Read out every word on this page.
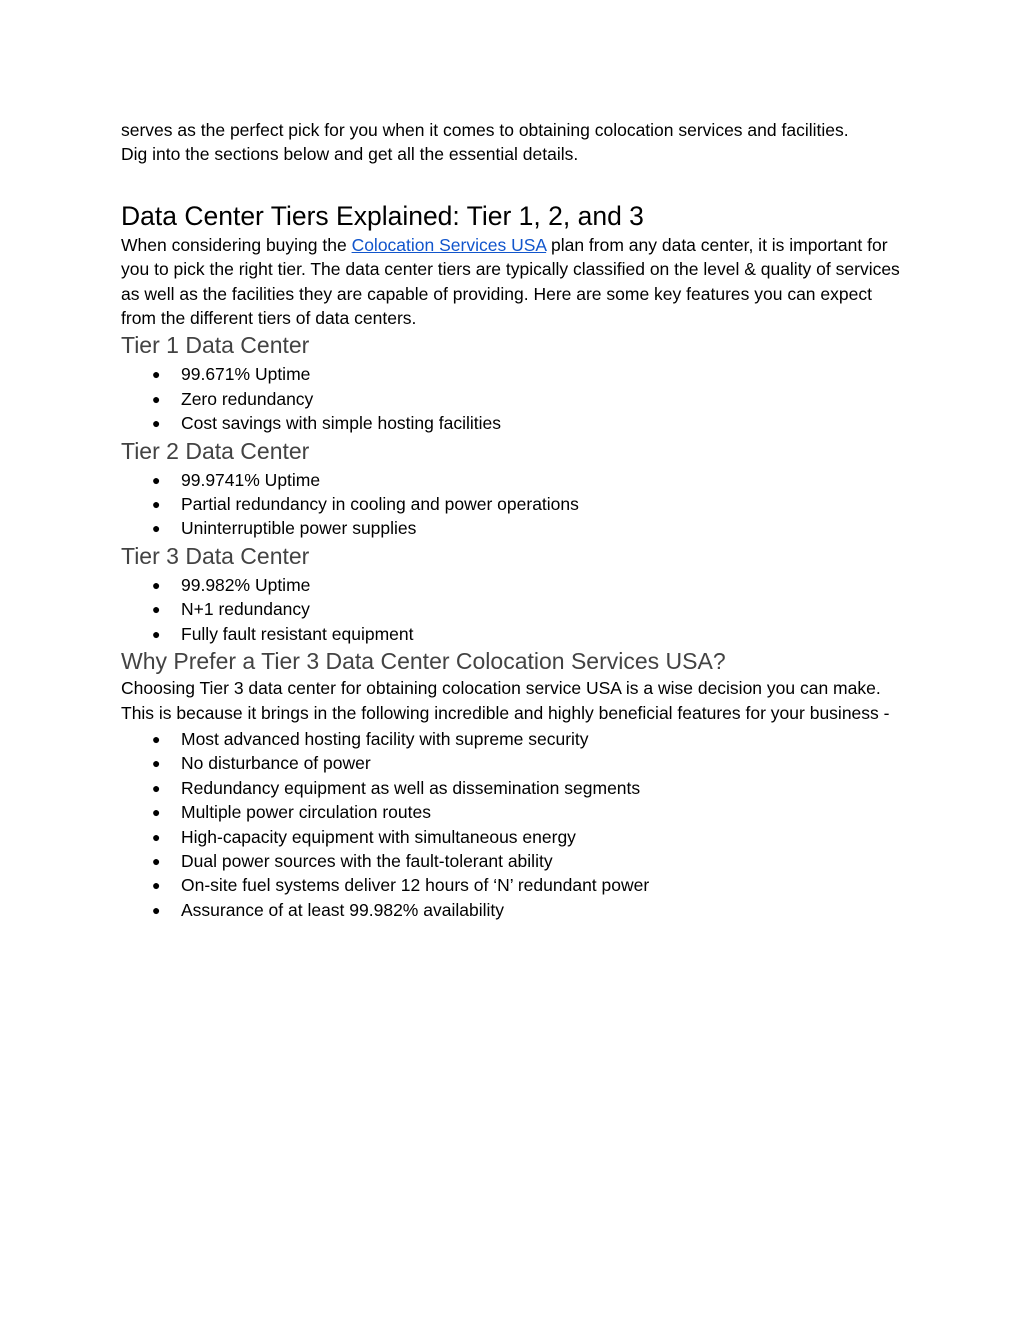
serves as the perfect pick for you when it comes to obtaining colocation services and facilities.
Dig into the sections below and get all the essential details.

Data Center Tiers Explained: Tier 1, 2, and 3

When considering buying the Colocation Services USA plan from any data center, it is important for you to pick the right tier. The data center tiers are typically classified on the level & quality of services as well as the facilities they are capable of providing. Here are some key features you can expect from the different tiers of data centers.

Tier 1 Data Center
● 99.671% Uptime
● Zero redundancy
● Cost savings with simple hosting facilities
Tier 2 Data Center
● 99.9741% Uptime
● Partial redundancy in cooling and power operations
● Uninterruptible power supplies
Tier 3 Data Center
● 99.982% Uptime
● N+1 redundancy
● Fully fault resistant equipment
Why Prefer a Tier 3 Data Center Colocation Services USA?

Choosing Tier 3 data center for obtaining colocation service USA is a wise decision you can make. This is because it brings in the following incredible and highly beneficial features for your business -

● Most advanced hosting facility with supreme security
● No disturbance of power
● Redundancy equipment as well as dissemination segments
● Multiple power circulation routes
● High-capacity equipment with simultaneous energy
● Dual power sources with the fault-tolerant ability
● On-site fuel systems deliver 12 hours of ‘N’ redundant power
● Assurance of at least 99.982% availability
